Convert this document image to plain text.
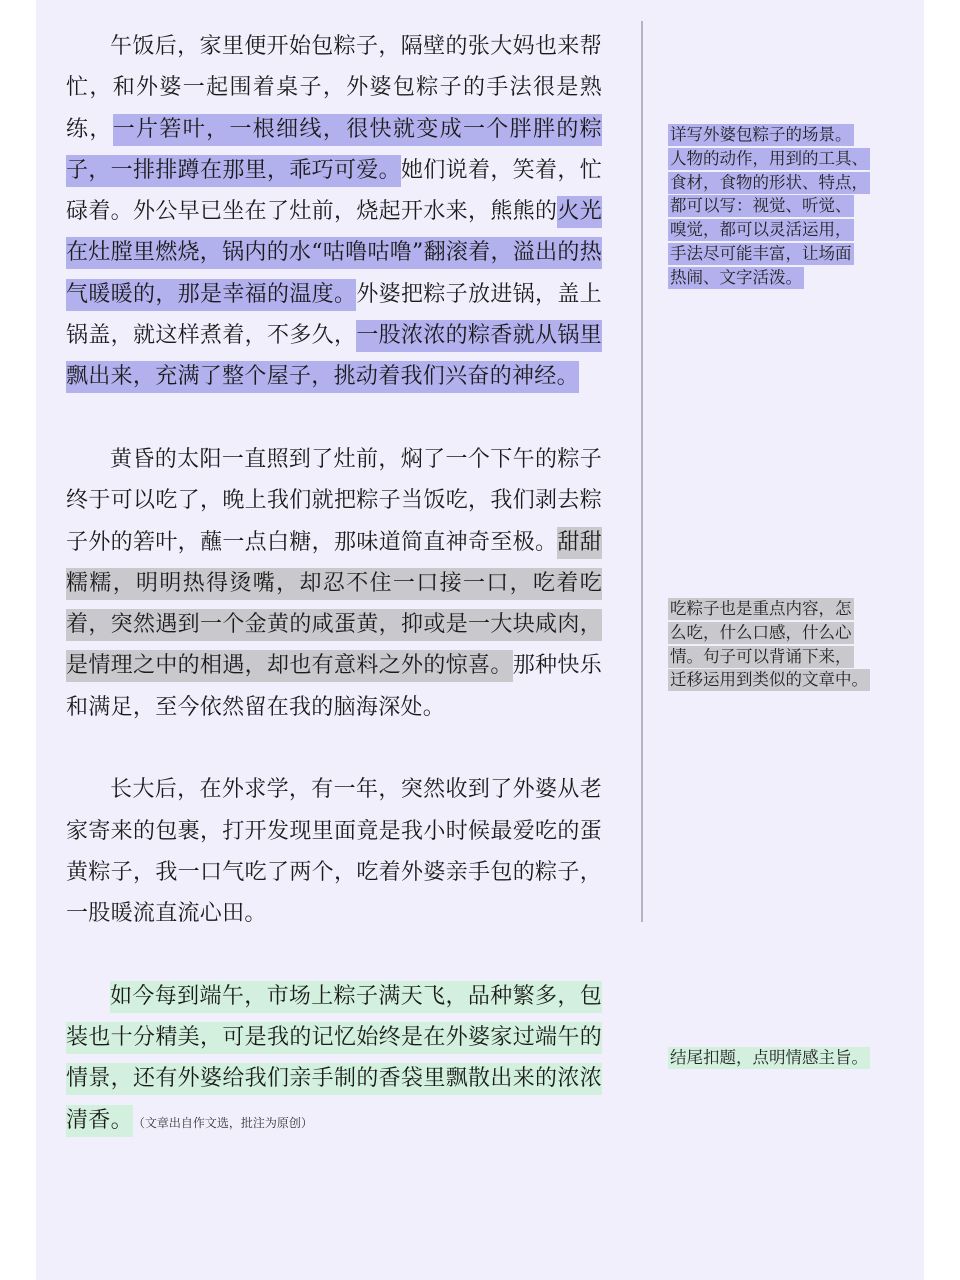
午饭后，家里便开始包粽子，隔壁的张大妈也来帮忙，和外婆一起围着桌子，外婆包粽子的手法很是熟练，一片箬叶，一根细线，很快就变成一个胖胖的粽子，一排排蹲在那里，乖巧可爱。她们说着，笑着，忙碌着。外公早已坐在了灶前，烧起开水来，熊熊的火光在灶膛里燃烧，锅内的水“咕噜咕噜”翻滚着，溢出的热气暖暖的，那是幸福的温度。外婆把粽子放进锅，盖上锅盖，就这样煮着，不多久，一股浓浓的粽香就从锅里飘出来，充满了整个屋子，挑动着我们兴奋的神经。

黄昏的太阳一直照到了灶前，焖了一个下午的粽子终于可以吃了，晚上我们就把粽子当饭吃，我们剥去粽子外的箬叶，蘸一点白糖，那味道简直神奇至极。甜甜糯糯，明明热得烫嘴，却忍不住一口接一口，吃着吃着，突然遇到一个金黄的咸蛋黄，抑或是一大块咸肉，是情理之中的相遇，却也有意料之外的惊喜。那种快乐和满足，至今依然留在我的脑海深处。

长大后，在外求学，有一年，突然收到了外婆从老家寄来的包裹，打开发现里面竟是我小时候最爱吃的蛋黄粽子，我一口气吃了两个，吃着外婆亲手包的粽子，一股暖流直流心田。

如今每到端午，市场上粽子满天飞，品种繁多，包装也十分精美，可是我的记忆始终是在外婆家过端午的情景，还有外婆给我们亲手制的香袋里飘散出来的浓浓清香。 （文章出自作文选，批注为原创）

详写外婆包粽子的场景。
人物的动作，用到的工具、
食材，食物的形状、特点，
都可以写：视觉、听觉、
嗅觉，都可以灵活运用，
手法尽可能丰富，让场面
热闹、文字活泼。
吃粽子也是重点内容，怎
么吃，什么口感，什么心
情。句子可以背诵下来，
迁移运用到类似的文章中。
结尾扣题，点明情感主旨。
